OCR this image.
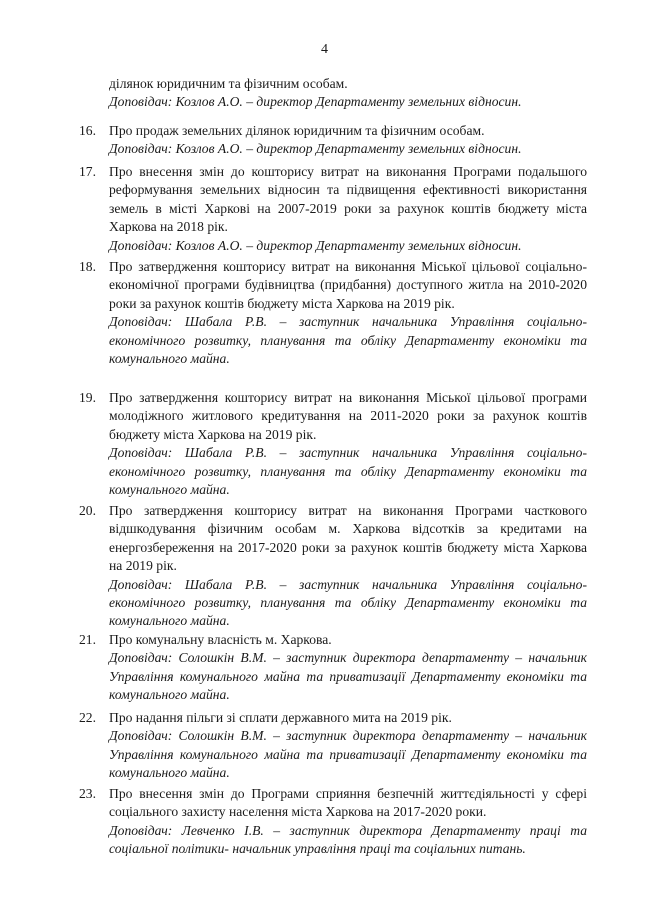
4
ділянок юридичним та фізичним особам.
Доповідач: Козлов А.О. – директор Департаменту земельних відносин.
16. Про продаж земельних ділянок юридичним та фізичним особам.
Доповідач: Козлов А.О. – директор Департаменту земельних відносин.
17. Про внесення змін до кошторису витрат на виконання Програми подальшого реформування земельних відносин та підвищення ефективності використання земель в місті Харкові на 2007-2019 роки за рахунок коштів бюджету міста Харкова на 2018 рік.
Доповідач: Козлов А.О. – директор Департаменту земельних відносин.
18. Про затвердження кошторису витрат на виконання Міської цільової соціально-економічної програми будівництва (придбання) доступного житла на 2010-2020 роки за рахунок коштів бюджету міста Харкова на 2019 рік.
Доповідач: Шабала Р.В. – заступник начальника Управління соціально-економічного розвитку, планування та обліку Департаменту економіки та комунального майна.
19. Про затвердження кошторису витрат на виконання Міської цільової програми молодіжного житлового кредитування на 2011-2020 роки за рахунок коштів бюджету міста Харкова на 2019 рік.
Доповідач: Шабала Р.В. – заступник начальника Управління соціально-економічного розвитку, планування та обліку Департаменту економіки та комунального майна.
20. Про затвердження кошторису витрат на виконання Програми часткового відшкодування фізичним особам м. Харкова відсотків за кредитами на енергозбереження на 2017-2020 роки за рахунок коштів бюджету міста Харкова на 2019 рік.
Доповідач: Шабала Р.В. – заступник начальника Управління соціально-економічного розвитку, планування та обліку Департаменту економіки та комунального майна.
21. Про комунальну власність м. Харкова.
Доповідач: Солошкін В.М. – заступник директора департаменту – начальник Управління комунального майна та приватизації Департаменту економіки та комунального майна.
22. Про надання пільги зі сплати державного мита на 2019 рік.
Доповідач: Солошкін В.М. – заступник директора департаменту – начальник Управління комунального майна та приватизації Департаменту економіки та комунального майна.
23. Про внесення змін до Програми сприяння безпечній життєдіяльності у сфері соціального захисту населення міста Харкова на 2017-2020 роки.
Доповідач: Левченко І.В. – заступник директора Департаменту праці та соціальної політики- начальник управління праці та соціальних питань.
